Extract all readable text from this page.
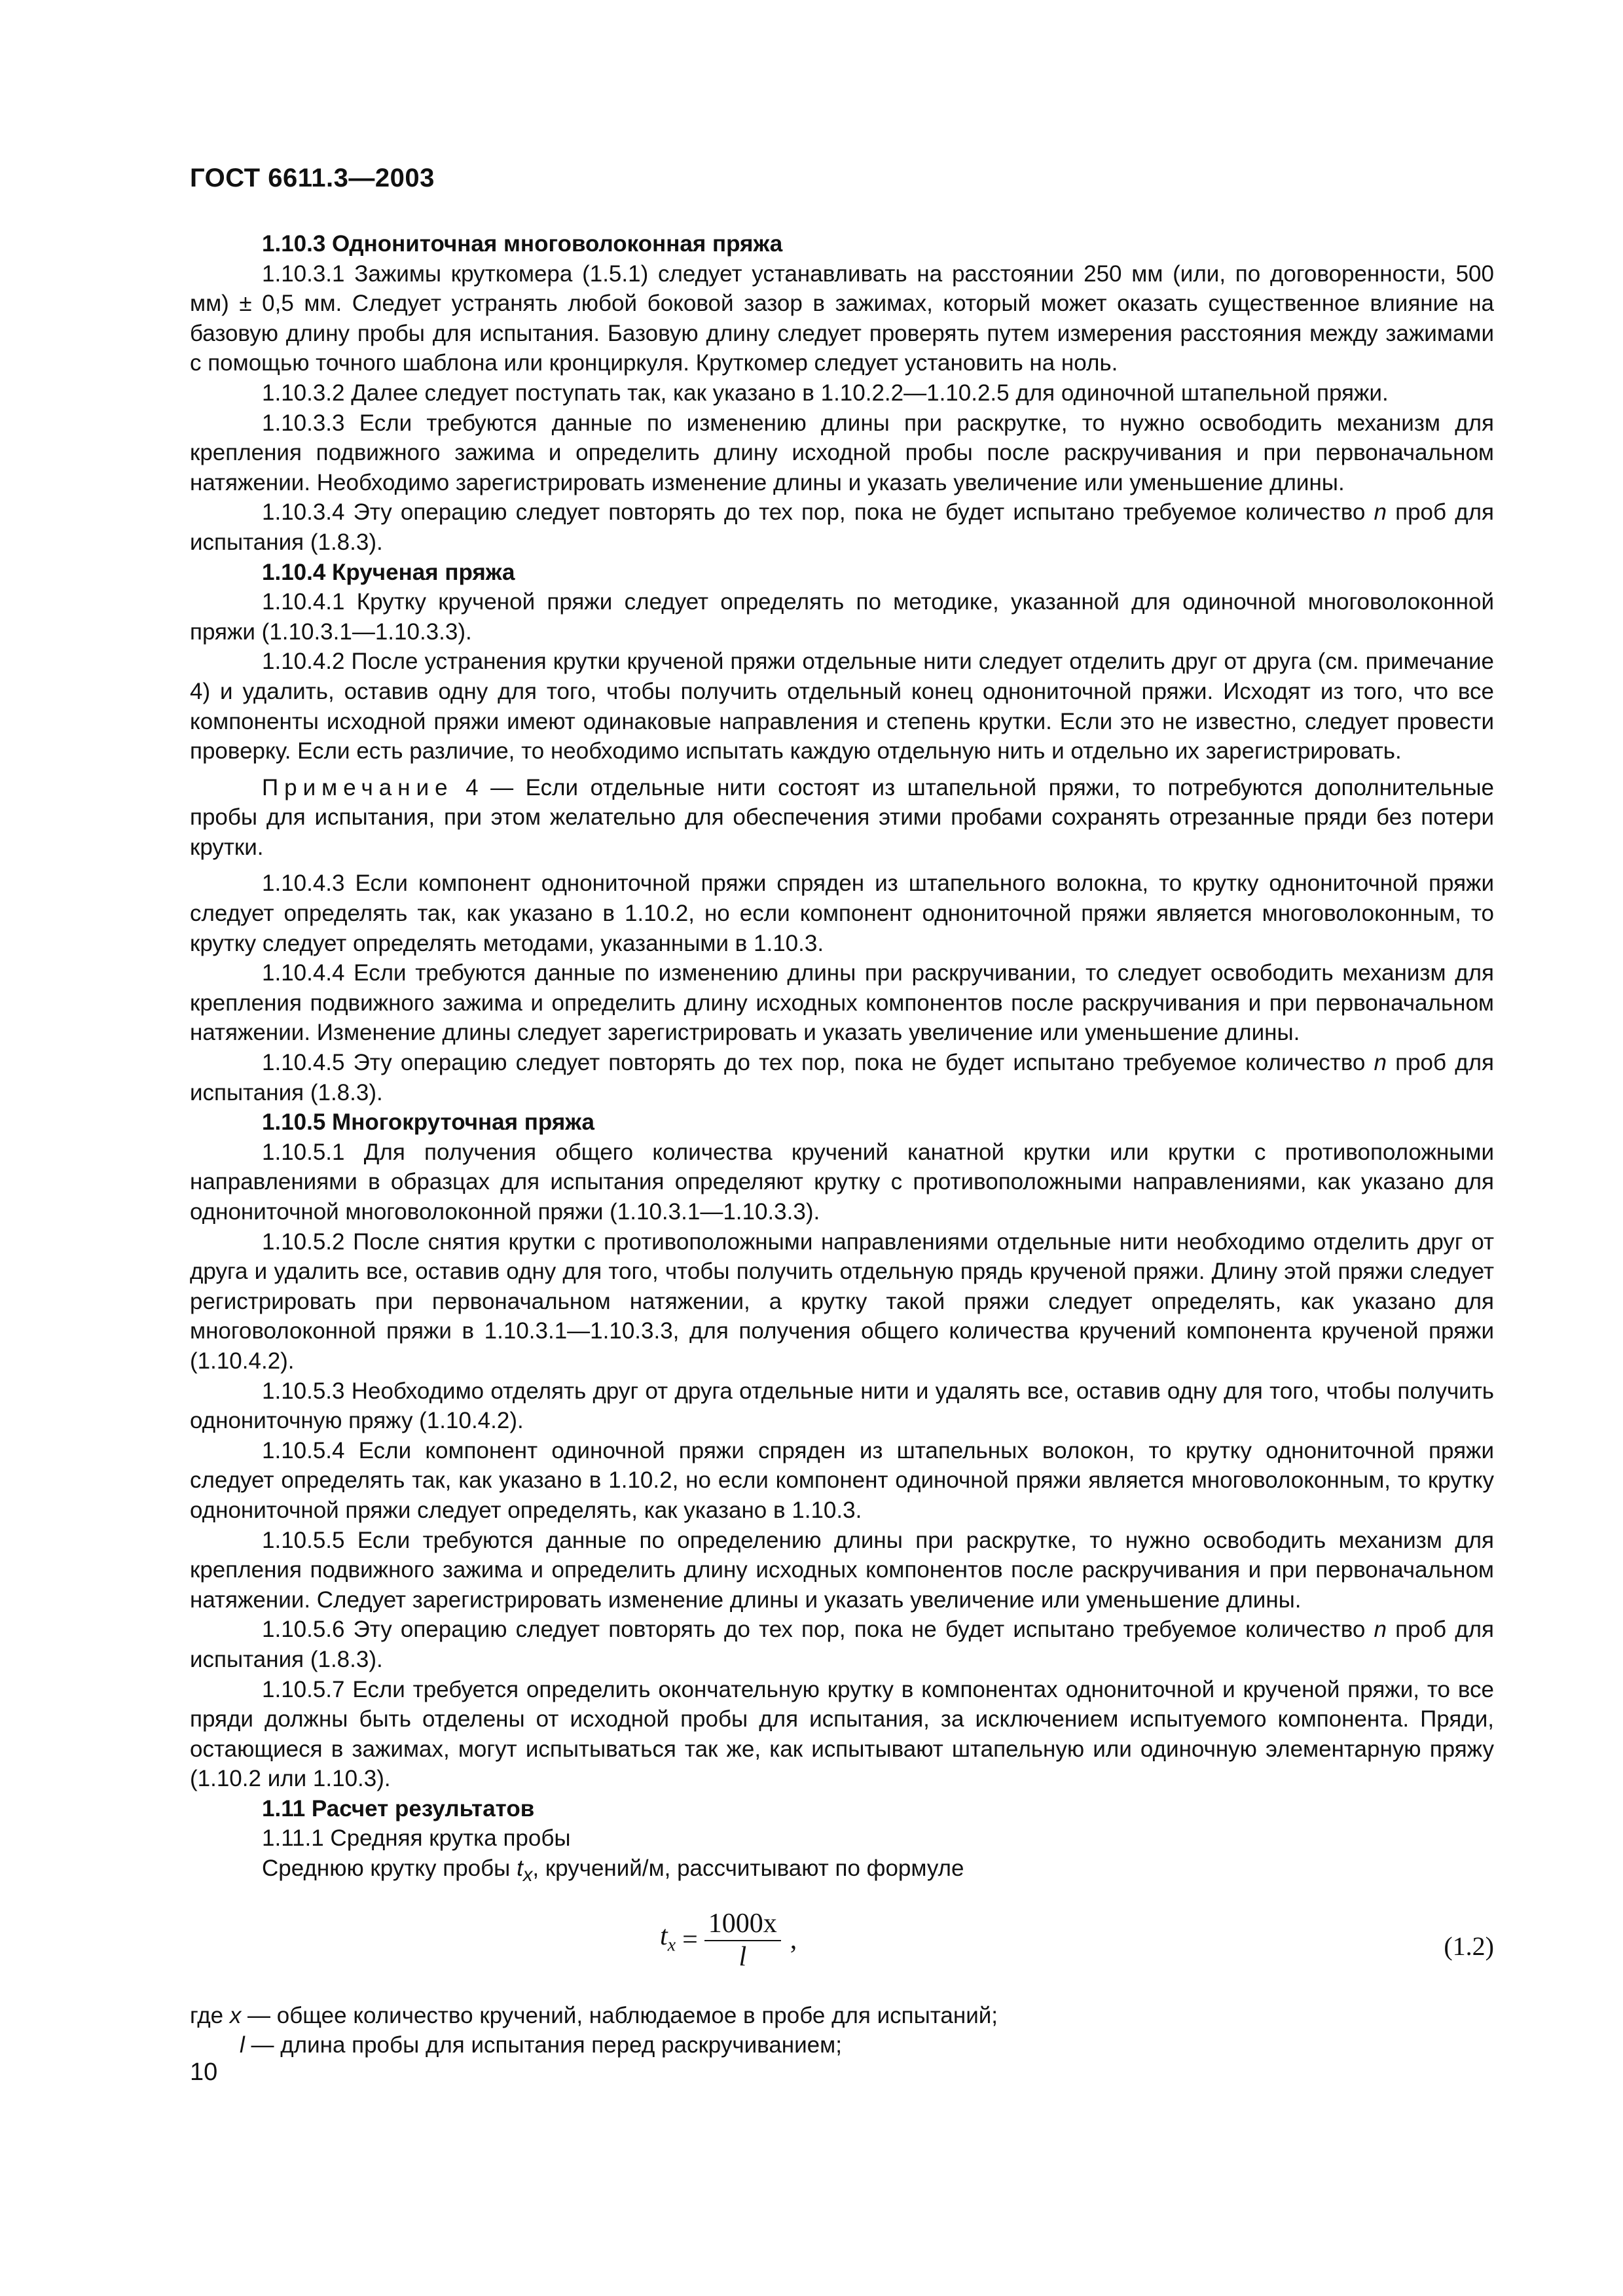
ГОСТ 6611.3—2003

1.10.3 Однониточная многоволоконная пряжа

1.10.3.1 Зажимы круткомера (1.5.1) следует устанавливать на расстоянии 250 мм (или, по договоренности, 500 мм) ± 0,5 мм. Следует устранять любой боковой зазор в зажимах, который может оказать существенное влияние на базовую длину пробы для испытания. Базовую длину следует проверять путем измерения расстояния между зажимами с помощью точного шаблона или кронциркуля. Круткомер следует установить на ноль.

1.10.3.2 Далее следует поступать так, как указано в 1.10.2.2—1.10.2.5 для одиночной штапельной пряжи.

1.10.3.3 Если требуются данные по изменению длины при раскрутке, то нужно освободить механизм для крепления подвижного зажима и определить длину исходной пробы после раскручивания и при первоначальном натяжении. Необходимо зарегистрировать изменение длины и указать увеличение или уменьшение длины.

1.10.3.4 Эту операцию следует повторять до тех пор, пока не будет испытано требуемое количество n проб для испытания (1.8.3).

1.10.4 Крученая пряжа

1.10.4.1 Крутку крученой пряжи следует определять по методике, указанной для одиночной многоволоконной пряжи (1.10.3.1—1.10.3.3).

1.10.4.2 После устранения крутки крученой пряжи отдельные нити следует отделить друг от друга (см. примечание 4) и удалить, оставив одну для того, чтобы получить отдельный конец однониточной пряжи. Исходят из того, что все компоненты исходной пряжи имеют одинаковые направления и степень крутки. Если это не известно, следует провести проверку. Если есть различие, то необходимо испытать каждую отдельную нить и отдельно их зарегистрировать.

Примечание 4 — Если отдельные нити состоят из штапельной пряжи, то потребуются дополнительные пробы для испытания, при этом желательно для обеспечения этими пробами сохранять отрезанные пряди без потери крутки.

1.10.4.3 Если компонент однониточной пряжи спряден из штапельного волокна, то крутку однониточной пряжи следует определять так, как указано в 1.10.2, но если компонент однониточной пряжи является многоволоконным, то крутку следует определять методами, указанными в 1.10.3.

1.10.4.4 Если требуются данные по изменению длины при раскручивании, то следует освободить механизм для крепления подвижного зажима и определить длину исходных компонентов после раскручивания и при первоначальном натяжении. Изменение длины следует зарегистрировать и указать увеличение или уменьшение длины.

1.10.4.5 Эту операцию следует повторять до тех пор, пока не будет испытано требуемое количество n проб для испытания (1.8.3).

1.10.5 Многокруточная пряжа

1.10.5.1 Для получения общего количества кручений канатной крутки или крутки с противоположными направлениями в образцах для испытания определяют крутку с противоположными направлениями, как указано для однониточной многоволоконной пряжи (1.10.3.1—1.10.3.3).

1.10.5.2 После снятия крутки с противоположными направлениями отдельные нити необходимо отделить друг от друга и удалить все, оставив одну для того, чтобы получить отдельную прядь крученой пряжи. Длину этой пряжи следует регистрировать при первоначальном натяжении, а крутку такой пряжи следует определять, как указано для многоволоконной пряжи в 1.10.3.1—1.10.3.3, для получения общего количества кручений компонента крученой пряжи (1.10.4.2).

1.10.5.3 Необходимо отделять друг от друга отдельные нити и удалять все, оставив одну для того, чтобы получить однониточную пряжу (1.10.4.2).

1.10.5.4 Если компонент одиночной пряжи спряден из штапельных волокон, то крутку однониточной пряжи следует определять так, как указано в 1.10.2, но если компонент одиночной пряжи является многоволоконным, то крутку однониточной пряжи следует определять, как указано в 1.10.3.

1.10.5.5 Если требуются данные по определению длины при раскрутке, то нужно освободить механизм для крепления подвижного зажима и определить длину исходных компонентов после раскручивания и при первоначальном натяжении. Следует зарегистрировать изменение длины и указать увеличение или уменьшение длины.

1.10.5.6 Эту операцию следует повторять до тех пор, пока не будет испытано требуемое количество n проб для испытания (1.8.3).

1.10.5.7 Если требуется определить окончательную крутку в компонентах однониточной и крученой пряжи, то все пряди должны быть отделены от исходной пробы для испытания, за исключением испытуемого компонента. Пряди, остающиеся в зажимах, могут испытываться так же, как испытывают штапельную или одиночную элементарную пряжу (1.10.2 или 1.10.3).

1.11 Расчет результатов

1.11.1 Средняя крутка пробы

Среднюю крутку пробы $t_x$, кручений/м, рассчитывают по формуле

$t_x = \frac{1000x}{l}$ ,	(1.2)

где x — общее количество кручений, наблюдаемое в пробе для испытаний;

l — длина пробы для испытания перед раскручиванием;

10
